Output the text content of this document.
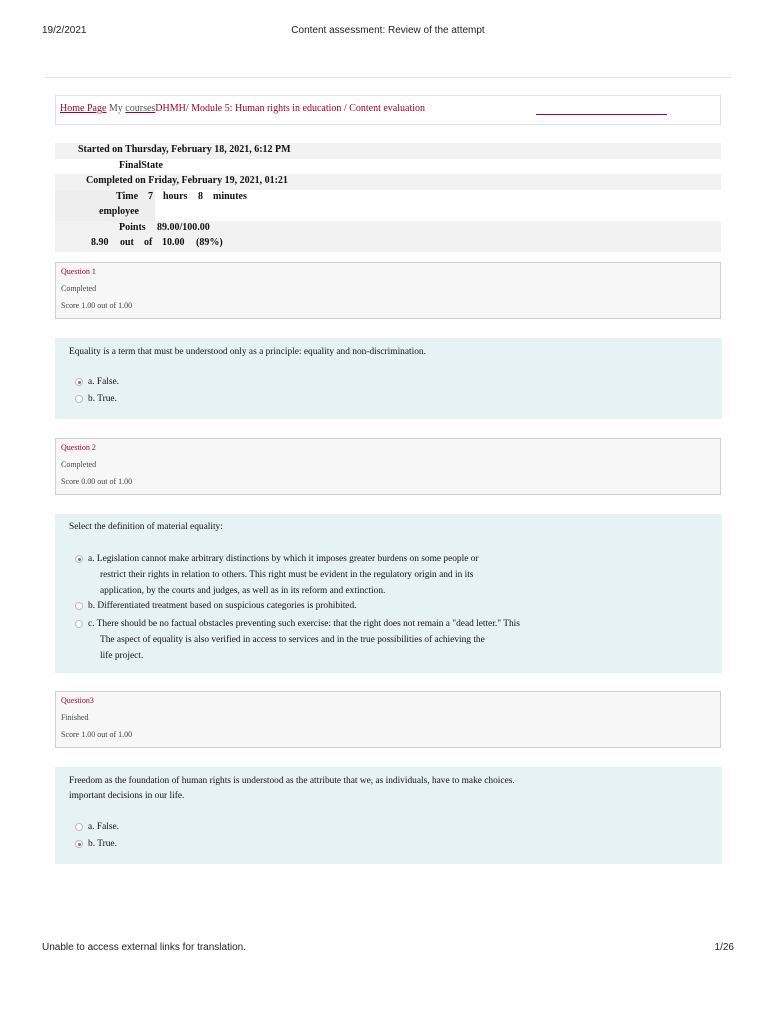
19/2/2021	Content assessment: Review of the attempt
Home Page My coursesDHMH/ Module 5: Human rights in education / Content evaluation
Started on Thursday, February 18, 2021, 6:12 PM
FinalState
Completed on Friday, February 19, 2021, 01:21
Time 7 hours 8 minutes
employee
Points 89.00/100.00
8.90 out of 10.00 (89%)
Question 1
Completed
Score 1.00 out of 1.00
Equality is a term that must be understood only as a principle: equality and non-discrimination.
a. False.
b. True.
Question 2
Completed
Score 0.00 out of 1.00
Select the definition of material equality:
a. Legislation cannot make arbitrary distinctions by which it imposes greater burdens on some people or
restrict their rights in relation to others. This right must be evident in the regulatory origin and in its
application, by the courts and judges, as well as in its reform and extinction.
b. Differentiated treatment based on suspicious categories is prohibited.
c. There should be no factual obstacles preventing such exercise: that the right does not remain a "dead letter." This
The aspect of equality is also verified in access to services and in the true possibilities of achieving the
life project.
Question3
Finished
Score 1.00 out of 1.00
Freedom as the foundation of human rights is understood as the attribute that we, as individuals, have to make choices.
important decisions in our life.
a. False.
b. True.
Unable to access external links for translation.	1/26
